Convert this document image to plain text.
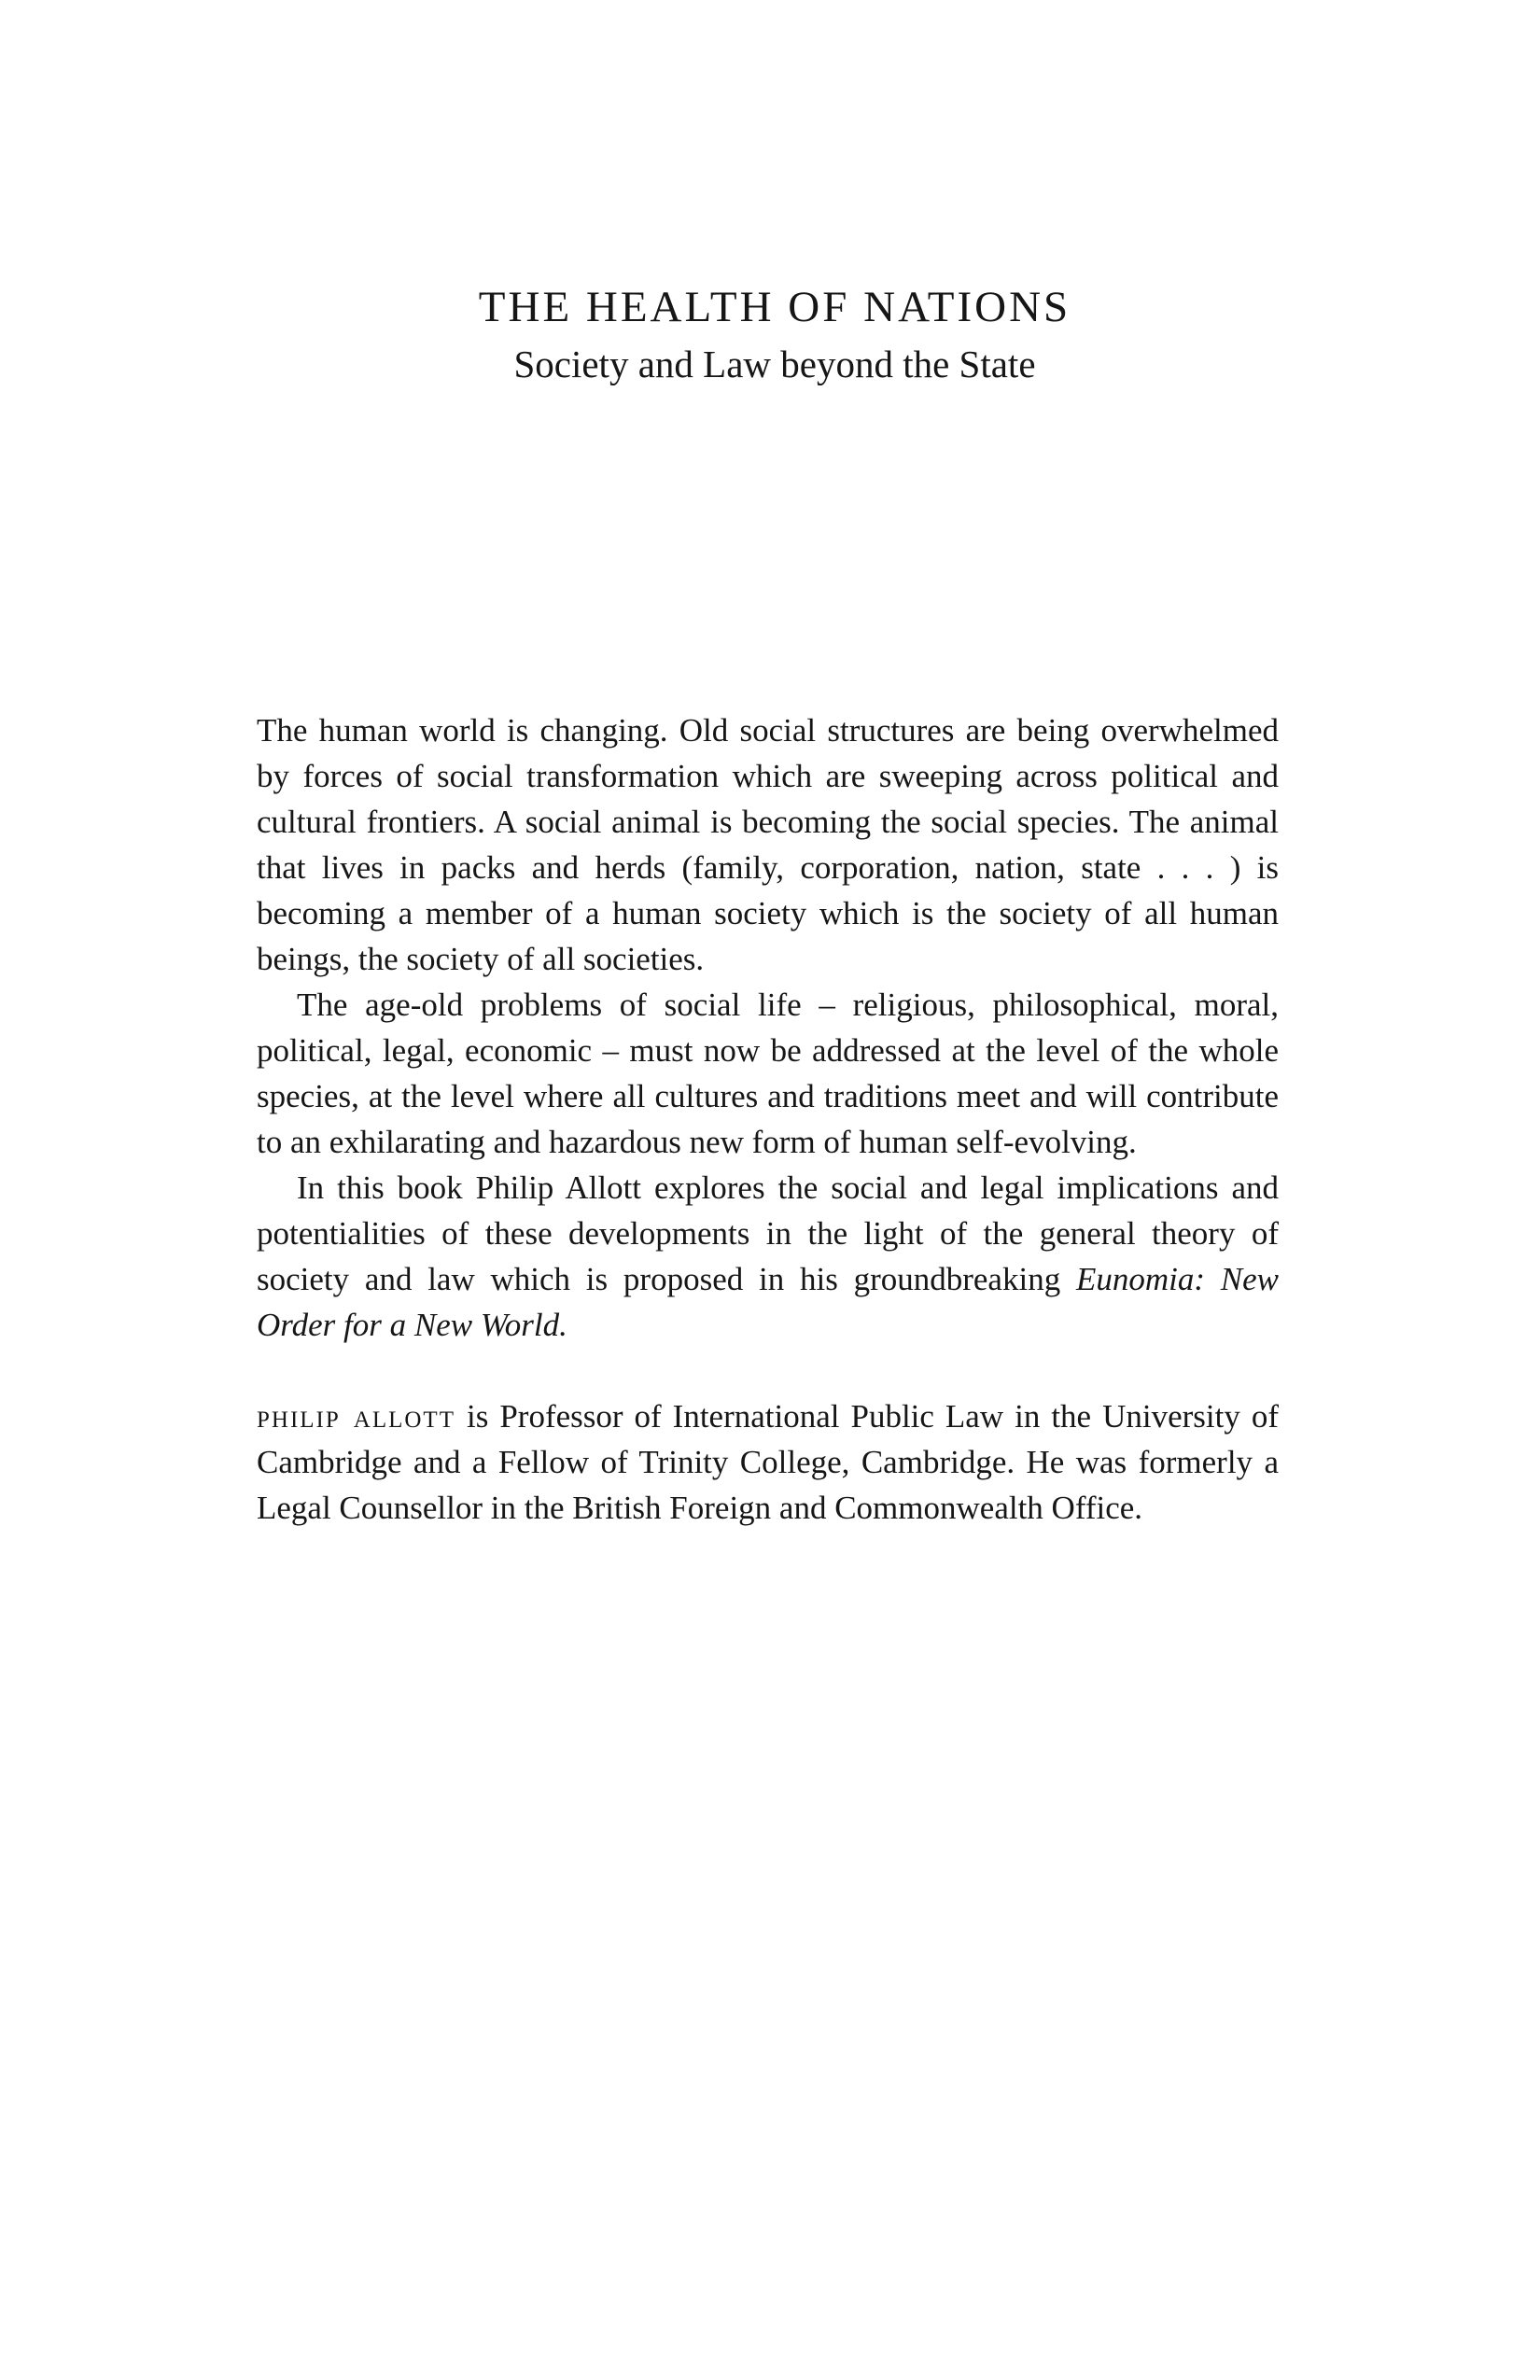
THE HEALTH OF NATIONS
Society and Law beyond the State

The human world is changing. Old social structures are being overwhelmed by forces of social transformation which are sweeping across political and cultural frontiers. A social animal is becoming the social species. The animal that lives in packs and herds (family, corporation, nation, state . . . ) is becoming a member of a human society which is the society of all human beings, the society of all societies.

The age-old problems of social life – religious, philosophical, moral, political, legal, economic – must now be addressed at the level of the whole species, at the level where all cultures and traditions meet and will contribute to an exhilarating and hazardous new form of human self-evolving.

In this book Philip Allott explores the social and legal implications and potentialities of these developments in the light of the general theory of society and law which is proposed in his groundbreaking Eunomia: New Order for a New World.

philip allott is Professor of International Public Law in the University of Cambridge and a Fellow of Trinity College, Cambridge. He was formerly a Legal Counsellor in the British Foreign and Commonwealth Office.
